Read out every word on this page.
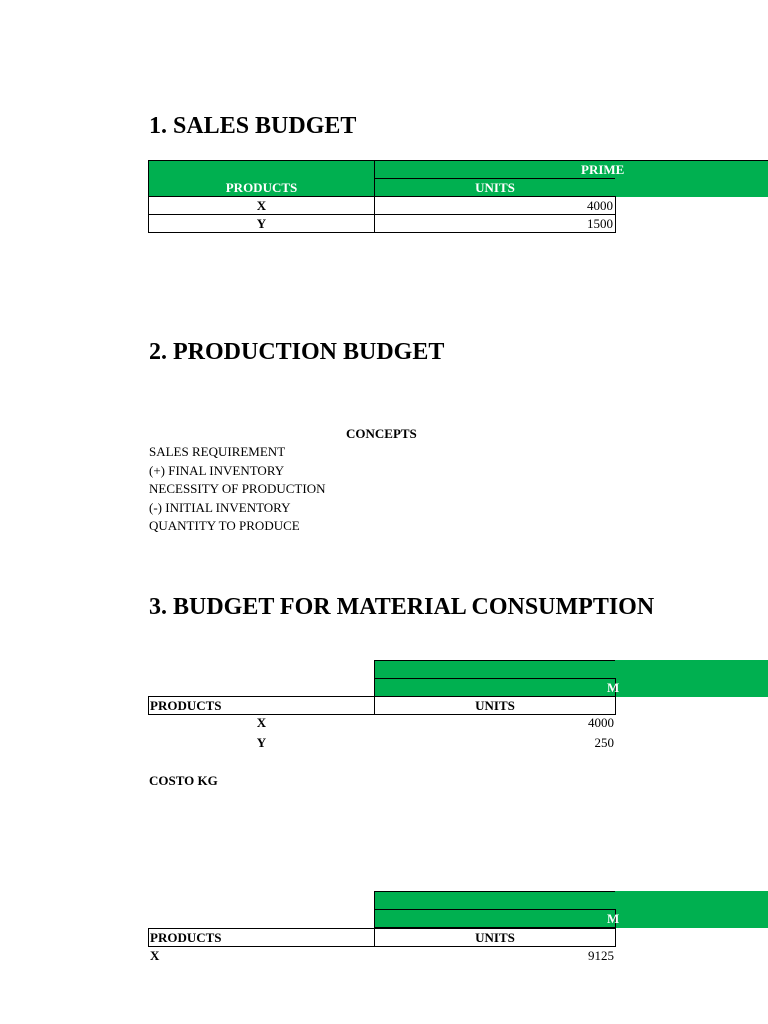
1. SALES BUDGET
PRODUCTS
PRIME
UNITS
X	4000
Y	1500
2. PRODUCTION BUDGET
CONCEPTS
SALES REQUIREMENT
(+) FINAL INVENTORY
NECESSITY OF PRODUCTION
(-) INITIAL INVENTORY
QUANTITY TO PRODUCE
3. BUDGET FOR MATERIAL CONSUMPTION
M
PRODUCTS	UNITS
X	4000
Y	250
COSTO KG
M
PRODUCTS	UNITS
X	9125
